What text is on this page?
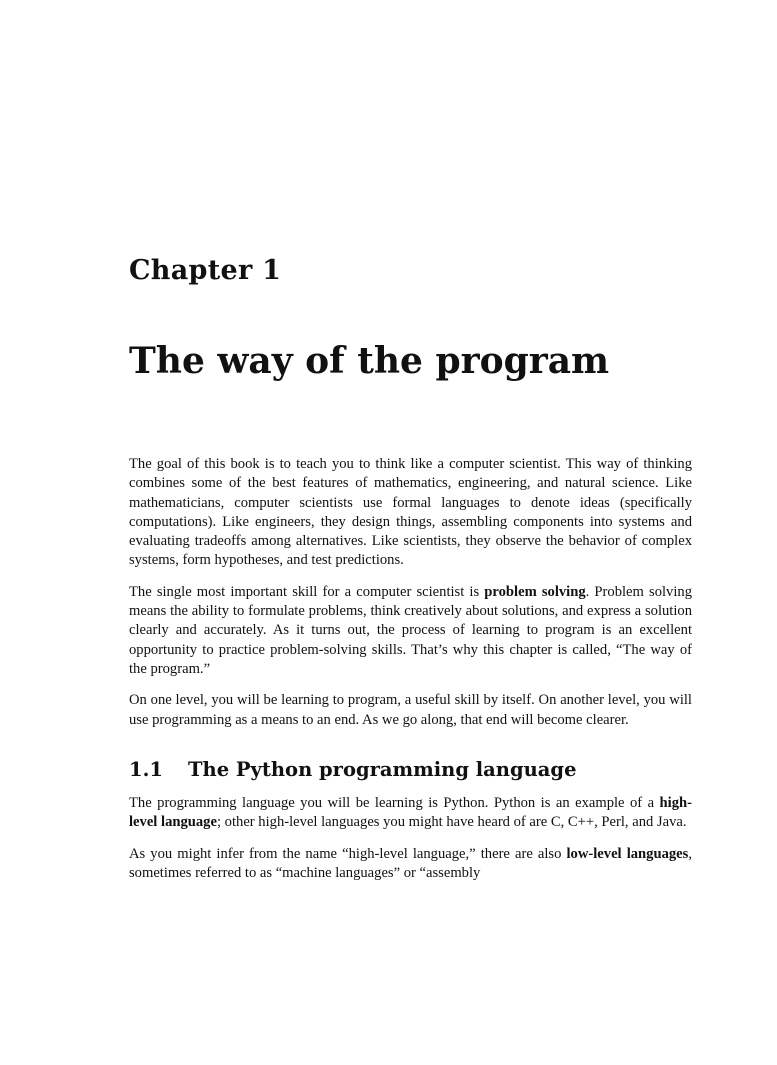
Chapter 1
The way of the program

The goal of this book is to teach you to think like a computer scientist. This way of thinking combines some of the best features of mathematics, engineering, and natural science. Like mathematicians, computer scientists use formal languages to denote ideas (specifically computations). Like engineers, they design things, assembling components into systems and evaluating tradeoffs among alternatives. Like scientists, they observe the behavior of complex systems, form hypotheses, and test predictions.

The single most important skill for a computer scientist is problem solving. Problem solving means the ability to formulate problems, think creatively about solutions, and express a solution clearly and accurately. As it turns out, the process of learning to program is an excellent opportunity to practice problem-solving skills. That’s why this chapter is called, “The way of the program.”

On one level, you will be learning to program, a useful skill by itself. On another level, you will use programming as a means to an end. As we go along, that end will become clearer.

1.1 The Python programming language

The programming language you will be learning is Python. Python is an example of a high-level language; other high-level languages you might have heard of are C, C++, Perl, and Java.

As you might infer from the name “high-level language,” there are also low-level languages, sometimes referred to as “machine languages” or “assembly
